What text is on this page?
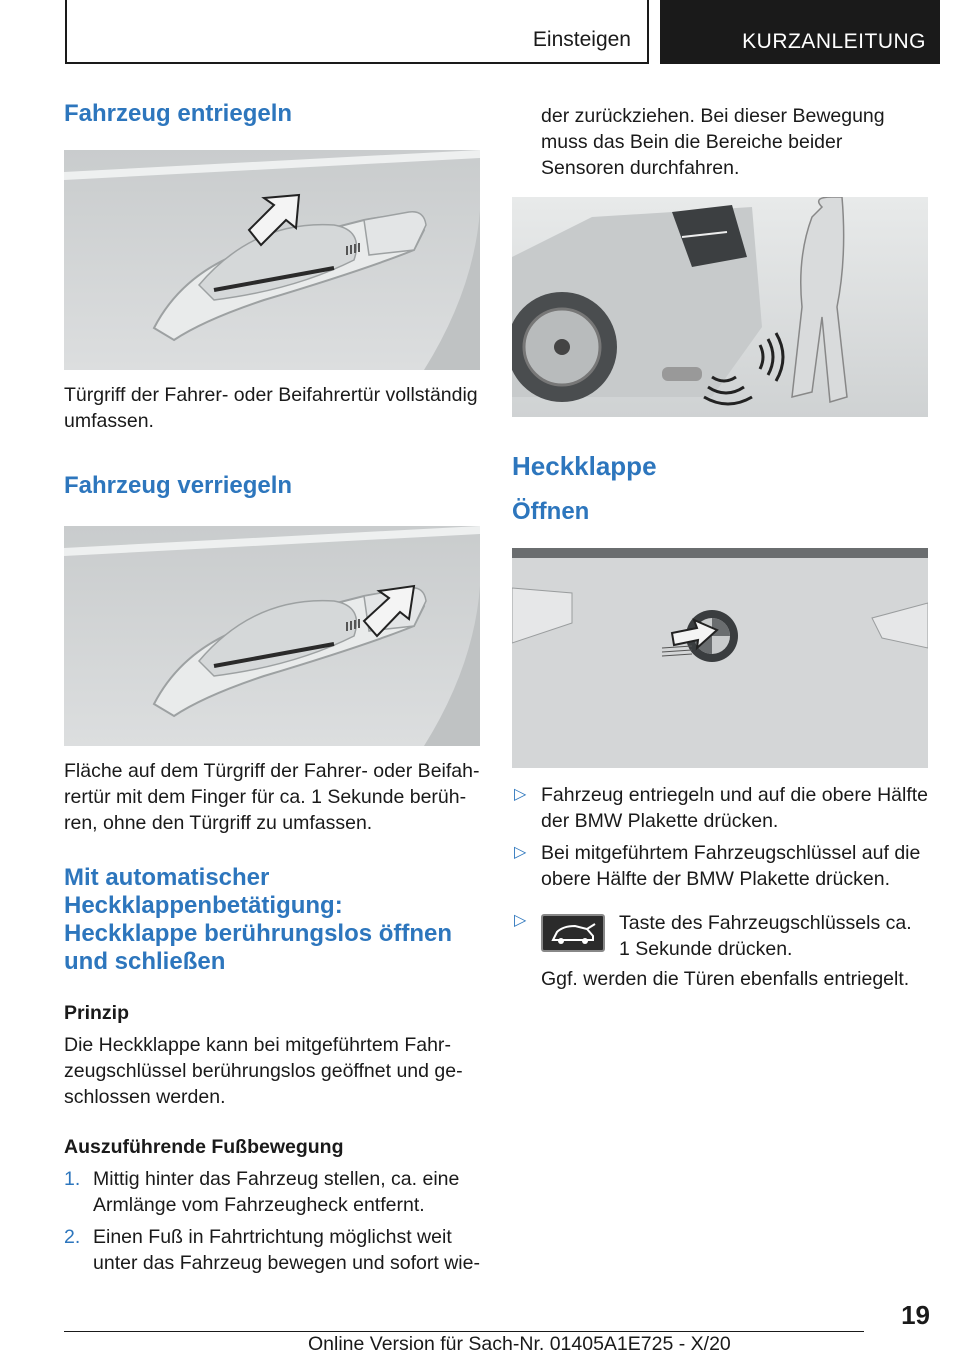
Einsteigen	KURZANLEITUNG
Fahrzeug entriegeln

Türgriff der Fahrer- oder Beifahrertür vollständig umfassen.

Fahrzeug verriegeln

Fläche auf dem Türgriff der Fahrer- oder Beifahrertür mit dem Finger für ca. 1 Sekunde berühren, ohne den Türgriff zu umfassen.

Mit automatischer Heckklappenbetätigung: Heckklappe berührungslos öffnen und schließen

Prinzip

Die Heckklappe kann bei mitgeführtem Fahrzeugschlüssel berührungslos geöffnet und geschlossen werden.

Auszuführende Fußbewegung

1. Mittig hinter das Fahrzeug stellen, ca. eine Armlänge vom Fahrzeugheck entfernt.
2. Einen Fuß in Fahrtrichtung möglichst weit unter das Fahrzeug bewegen und sofort wie-

der zurückziehen. Bei dieser Bewegung muss das Bein die Bereiche beider Sensoren durchfahren.

Heckklappe
Öffnen
▷ Fahrzeug entriegeln und auf die obere Hälfte der BMW Plakette drücken.
▷ Bei mitgeführtem Fahrzeugschlüssel auf die obere Hälfte der BMW Plakette drücken.
▷	Taste des Fahrzeugschlüssels ca. 1 Sekunde drücken.

Ggf. werden die Türen ebenfalls entriegelt.

19
Online Version für Sach-Nr. 01405A1E725 - X/20
